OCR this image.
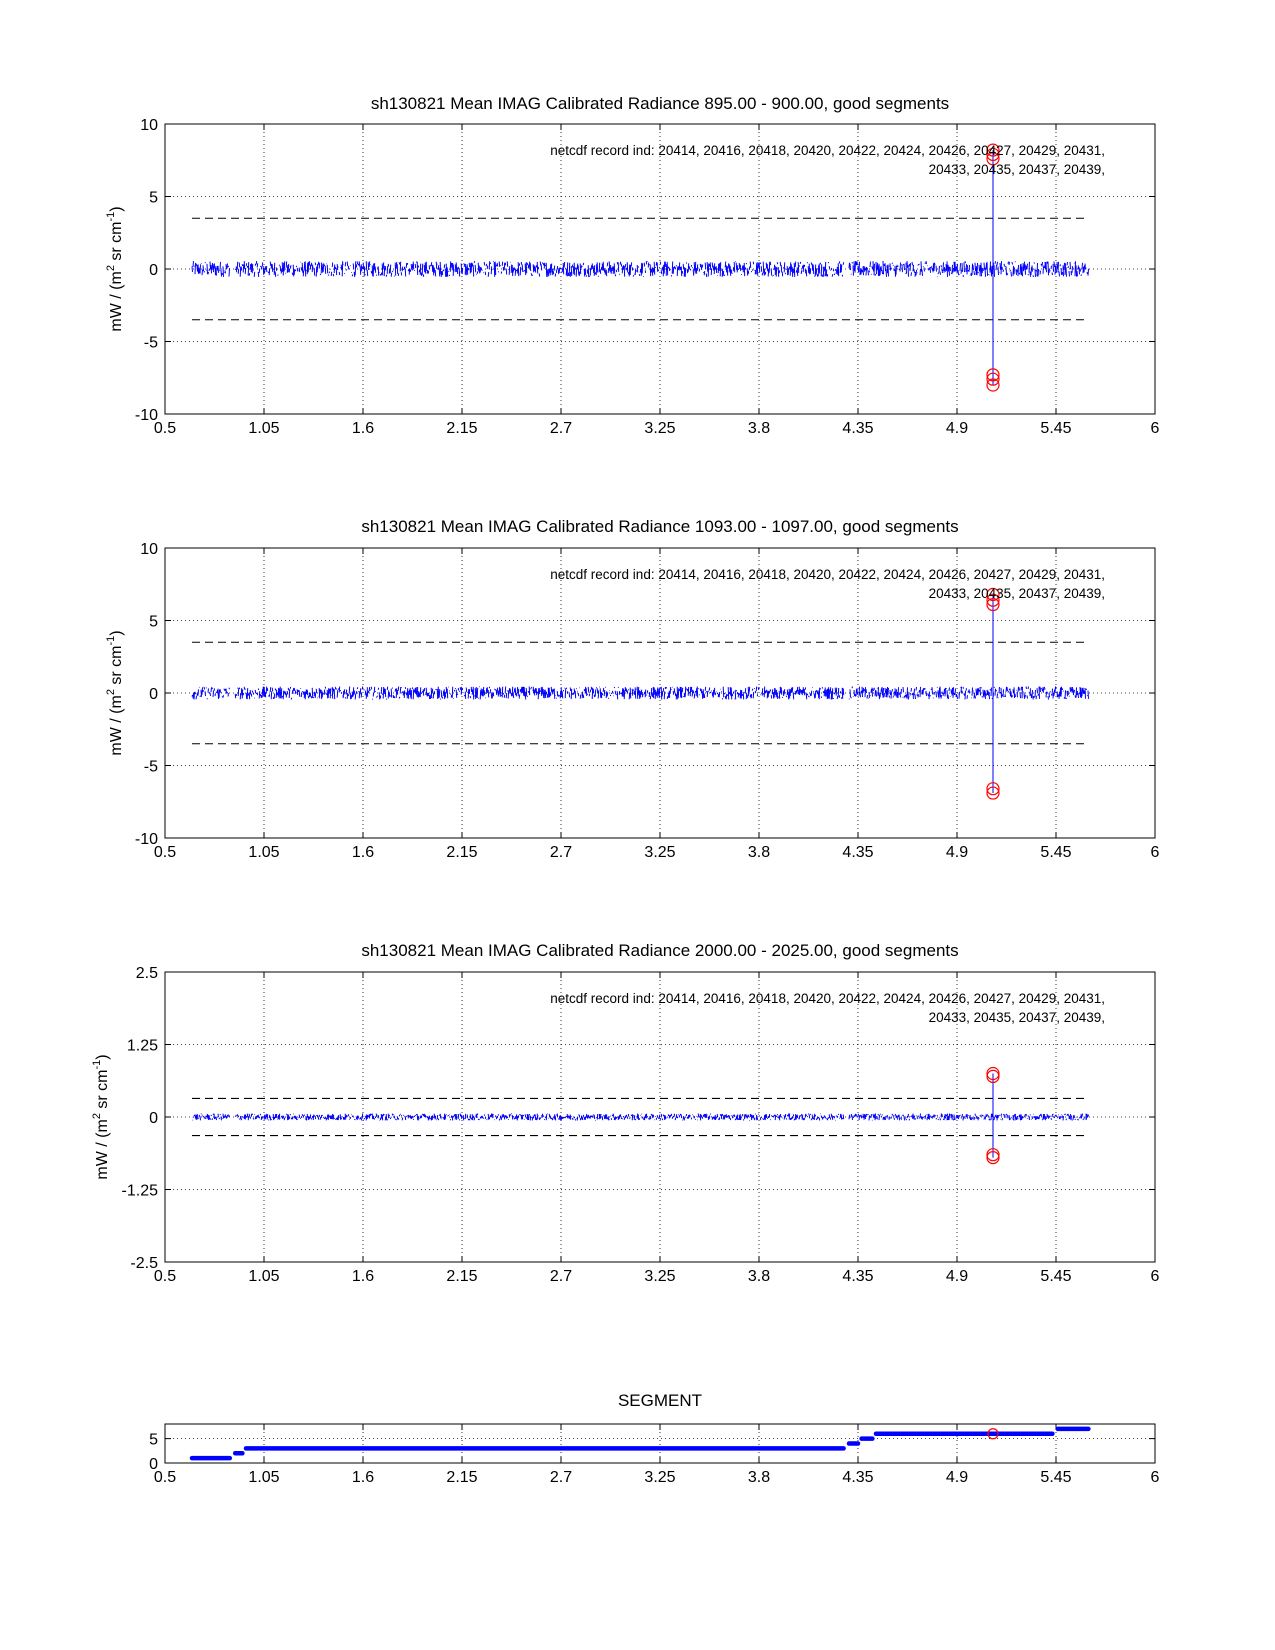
sh130821 Mean IMAG Calibrated Radiance 895.00 - 900.00, good segments
0.5	1.05	1.6	2.15	2.7	3.25	3.8	4.35	4.9	5.45	6
10
5
0
-5
-10
netcdf record ind: 20414, 20416, 20418, 20420, 20422, 20424, 20426, 20427, 20429, 20431,
20433, 20435, 20437, 20439,
mW / ($m^2$ sr $cm^{-1}$)
sh130821 Mean IMAG Calibrated Radiance 1093.00 - 1097.00, good segments
0.5	1.05	1.6	2.15	2.7	3.25	3.8	4.35	4.9	5.45	6
10
5
0
-5
-10
netcdf record ind: 20414, 20416, 20418, 20420, 20422, 20424, 20426, 20427, 20429, 20431,
20433, 20435, 20437, 20439,
mW / ($m^2$ sr $cm^{-1}$)
sh130821 Mean IMAG Calibrated Radiance 2000.00 - 2025.00, good segments
0.5	1.05	1.6	2.15	2.7	3.25	3.8	4.35	4.9	5.45	6
2.5
1.25
0
-1.25
-2.5
netcdf record ind: 20414, 20416, 20418, 20420, 20422, 20424, 20426, 20427, 20429, 20431,
20433, 20435, 20437, 20439,
mW / ($m^2$ sr $cm^{-1}$)
SEGMENT
0.5	1.05	1.6	2.15	2.7	3.25	3.8	4.35	4.9	5.45	6
5
0
